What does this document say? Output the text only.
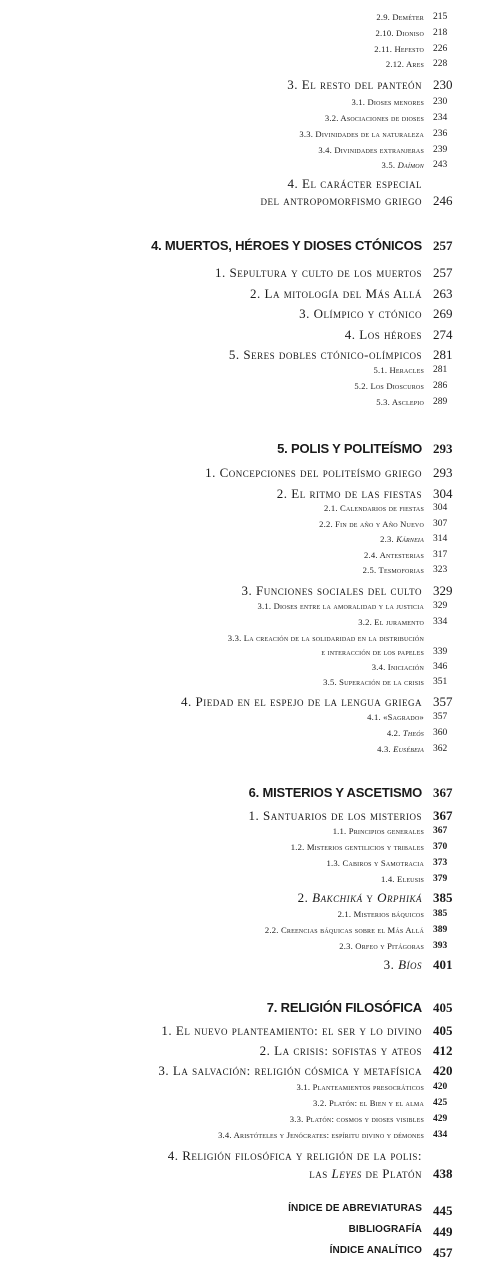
2.9. Deméter 215
2.10. Dioniso 218
2.11. Hefesto 226
2.12. Ares 228
3. El resto del panteón 230
3.1. Dioses menores 230
3.2. Asociaciones de dioses 234
3.3. Divinidades de la naturaleza 236
3.4. Divinidades extranjeras 239
3.5. Daímon 243
4. El carácter especial
del antropomorfismo griego 246
4. MUERTOS, HÉROES Y DIOSES CTÓNICOS 257
1. Sepultura y culto de los muertos 257
2. La mitología del Más Allá 263
3. Olímpico y ctónico 269
4. Los héroes 274
5. Seres dobles ctónico-olímpicos 281
5.1. Heracles 281
5.2. Los Dioscuros 286
5.3. Asclepio 289
5. POLIS Y POLITEÍSMO 293
1. Concepciones del politeísmo griego 293
2. El ritmo de las fiestas 304
2.1. Calendarios de fiestas 304
2.2. Fin de año y Año Nuevo 307
2.3. Kárneia 314
2.4. Antesterias 317
2.5. Tesmoforias 323
3. Funciones sociales del culto 329
3.1. Dioses entre la amoralidad y la justicia 329
3.2. El juramento 334
3.3. La creación de la solidaridad en la distribución
e interacción de los papeles 339
3.4. Iniciación 346
3.5. Superación de la crisis 351
4. Piedad en el espejo de la lengua griega 357
4.1. «Sagrado» 357
4.2. Theós 360
4.3. Eusébeia 362
6. MISTERIOS Y ASCETISMO 367
1. Santuarios de los misterios 367
1.1. Principios generales 367
1.2. Misterios gentilicios y tribales 370
1.3. Cabiros y Samotracia 373
1.4. Eleusis 379
2. Bakchiká y Orphiká 385
2.1. Misterios báquicos 385
2.2. Creencias báquicas sobre el Más Allá 389
2.3. Orfeo y Pitágoras 393
3. Bíos 401
7. RELIGIÓN FILOSÓFICA 405
1. El nuevo planteamiento: el ser y lo divino 405
2. La crisis: sofistas y ateos 412
3. La salvación: religión cósmica y metafísica 420
3.1. Planteamientos presocráticos 420
3.2. Platón: el Bien y el alma 425
3.3. Platón: cosmos y dioses visibles 429
3.4. Aristóteles y Jenócrates: espíritu divino y démones 434
4. Religión filosófica y religión de la polis:
las Leyes de Platón 438
ÍNDICE DE ABREVIATURAS 445
BIBLIOGRAFÍA 449
ÍNDICE ANALÍTICO 457
